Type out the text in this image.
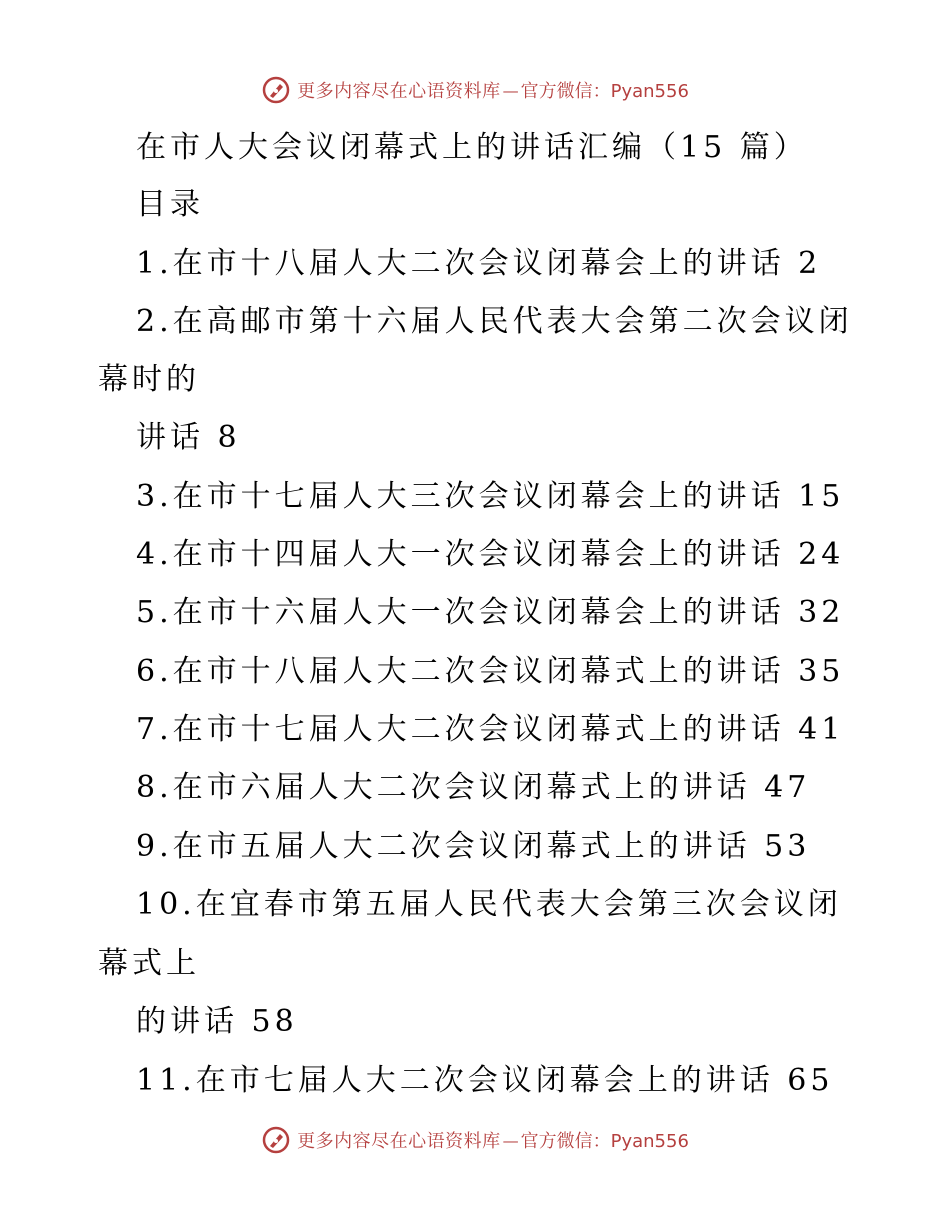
更多内容尽在心语资料库 — 官方微信：Pyan556
在市人大会议闭幕式上的讲话汇编（15 篇）
目录
1.在市十八届人大二次会议闭幕会上的讲话 2
2.在高邮市第十六届人民代表大会第二次会议闭
幕时的
讲话 8
3.在市十七届人大三次会议闭幕会上的讲话 15
4.在市十四届人大一次会议闭幕会上的讲话 24
5.在市十六届人大一次会议闭幕会上的讲话 32
6.在市十八届人大二次会议闭幕式上的讲话 35
7.在市十七届人大二次会议闭幕式上的讲话 41
8.在市六届人大二次会议闭幕式上的讲话 47
9.在市五届人大二次会议闭幕式上的讲话 53
10.在宜春市第五届人民代表大会第三次会议闭
幕式上
的讲话 58
11.在市七届人大二次会议闭幕会上的讲话 65
更多内容尽在心语资料库 — 官方微信：Pyan556
